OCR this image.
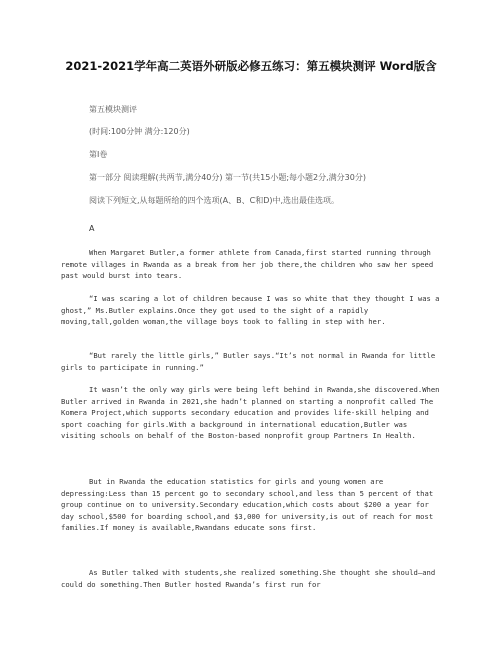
2021-2021学年高二英语外研版必修五练习：第五模块测评 Word版含
第五模块测评
(时间:100分钟 满分:120分)
第Ⅰ卷
第一部分 阅读理解(共两节,满分40分) 第一节(共15小题;每小题2分,满分30分)
阅读下列短文,从每题所给的四个选项(A、B、C和D)中,选出最佳选项。
A
When Margaret Butler,a former athlete from Canada,first started running through remote villages in Rwanda as a break from her job there,the children who saw her speed past would burst into tears.
“I was scaring a lot of children because I was so white that they thought I was a ghost,” Ms.Butler explains.Once they got used to the sight of a rapidly moving,tall,golden woman,the village boys took to falling in step with her.
“But rarely the little girls,” Butler says.“It’s not normal in Rwanda for little girls to participate in running.”
It wasn’t the only way girls were being left behind in Rwanda,she discovered.When Butler arrived in Rwanda in 2021,she hadn’t planned on starting a nonprofit called The Komera Project,which supports secondary education and provides life-skill helping and sport coaching for girls.With a background in international education,Butler was visiting schools on behalf of the Boston-based nonprofit group Partners In Health.
But in Rwanda the education statistics for girls and young women are depressing:Less than 15 percent go to secondary school,and less than 5 percent of that group continue on to university.Secondary education,which costs about $200 a year for day school,$500 for boarding school,and $3,000 for university,is out of reach for most families.If money is available,Rwandans educate sons first.
As Butler talked with students,she realized something.She thought she should—and could do something.Then Butler hosted Rwanda’s first run for
